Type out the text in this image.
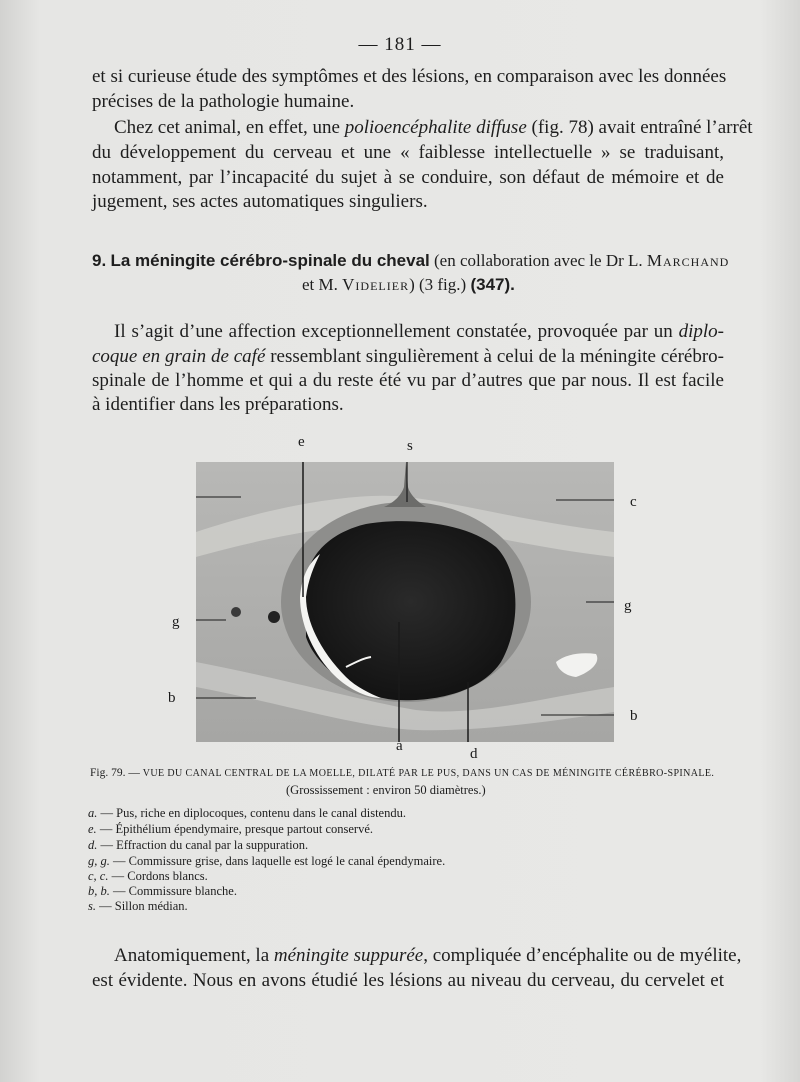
— 181 —
et si curieuse étude des symptômes et des lésions, en comparaison avec les données
précises de la pathologie humaine.
Chez cet animal, en effet, une polioencéphalite diffuse (fig. 78) avait entraîné l’arrêt
du développement du cerveau et une « faiblesse intellectuelle » se traduisant,
notamment, par l’incapacité du sujet à se conduire, son défaut de mémoire et de
jugement, ses actes automatiques singuliers.
9. La méningite cérébro-spinale du cheval (en collaboration avec le Dr L. Marchand
et M. Videlier) (3 fig.) (347).
Il s’agit d’une affection exceptionnellement constatée, provoquée par un diplo-
coque en grain de café ressemblant singulièrement à celui de la méningite cérébro-
spinale de l’homme et qui a du reste été vu par d’autres que par nous. Il est facile
à identifier dans les préparations.
e	s
c
g
g
b
b
a	d
Fig. 79. — VUE DU CANAL CENTRAL DE LA MOELLE, DILATÉ PAR LE PUS, DANS UN CAS DE MÉNINGITE CÉRÉBRO-SPINALE.
(Grossissement : environ 50 diamètres.)
a. — Pus, riche en diplocoques, contenu dans le canal distendu.
e. — Épithélium épendymaire, presque partout conservé.
d. — Effraction du canal par la suppuration.
g, g. — Commissure grise, dans laquelle est logé le canal épendymaire.
c, c. — Cordons blancs.
b, b. — Commissure blanche.
s. — Sillon médian.
Anatomiquement, la méningite suppurée, compliquée d’encéphalite ou de myélite,
est évidente. Nous en avons étudié les lésions au niveau du cerveau, du cervelet et
